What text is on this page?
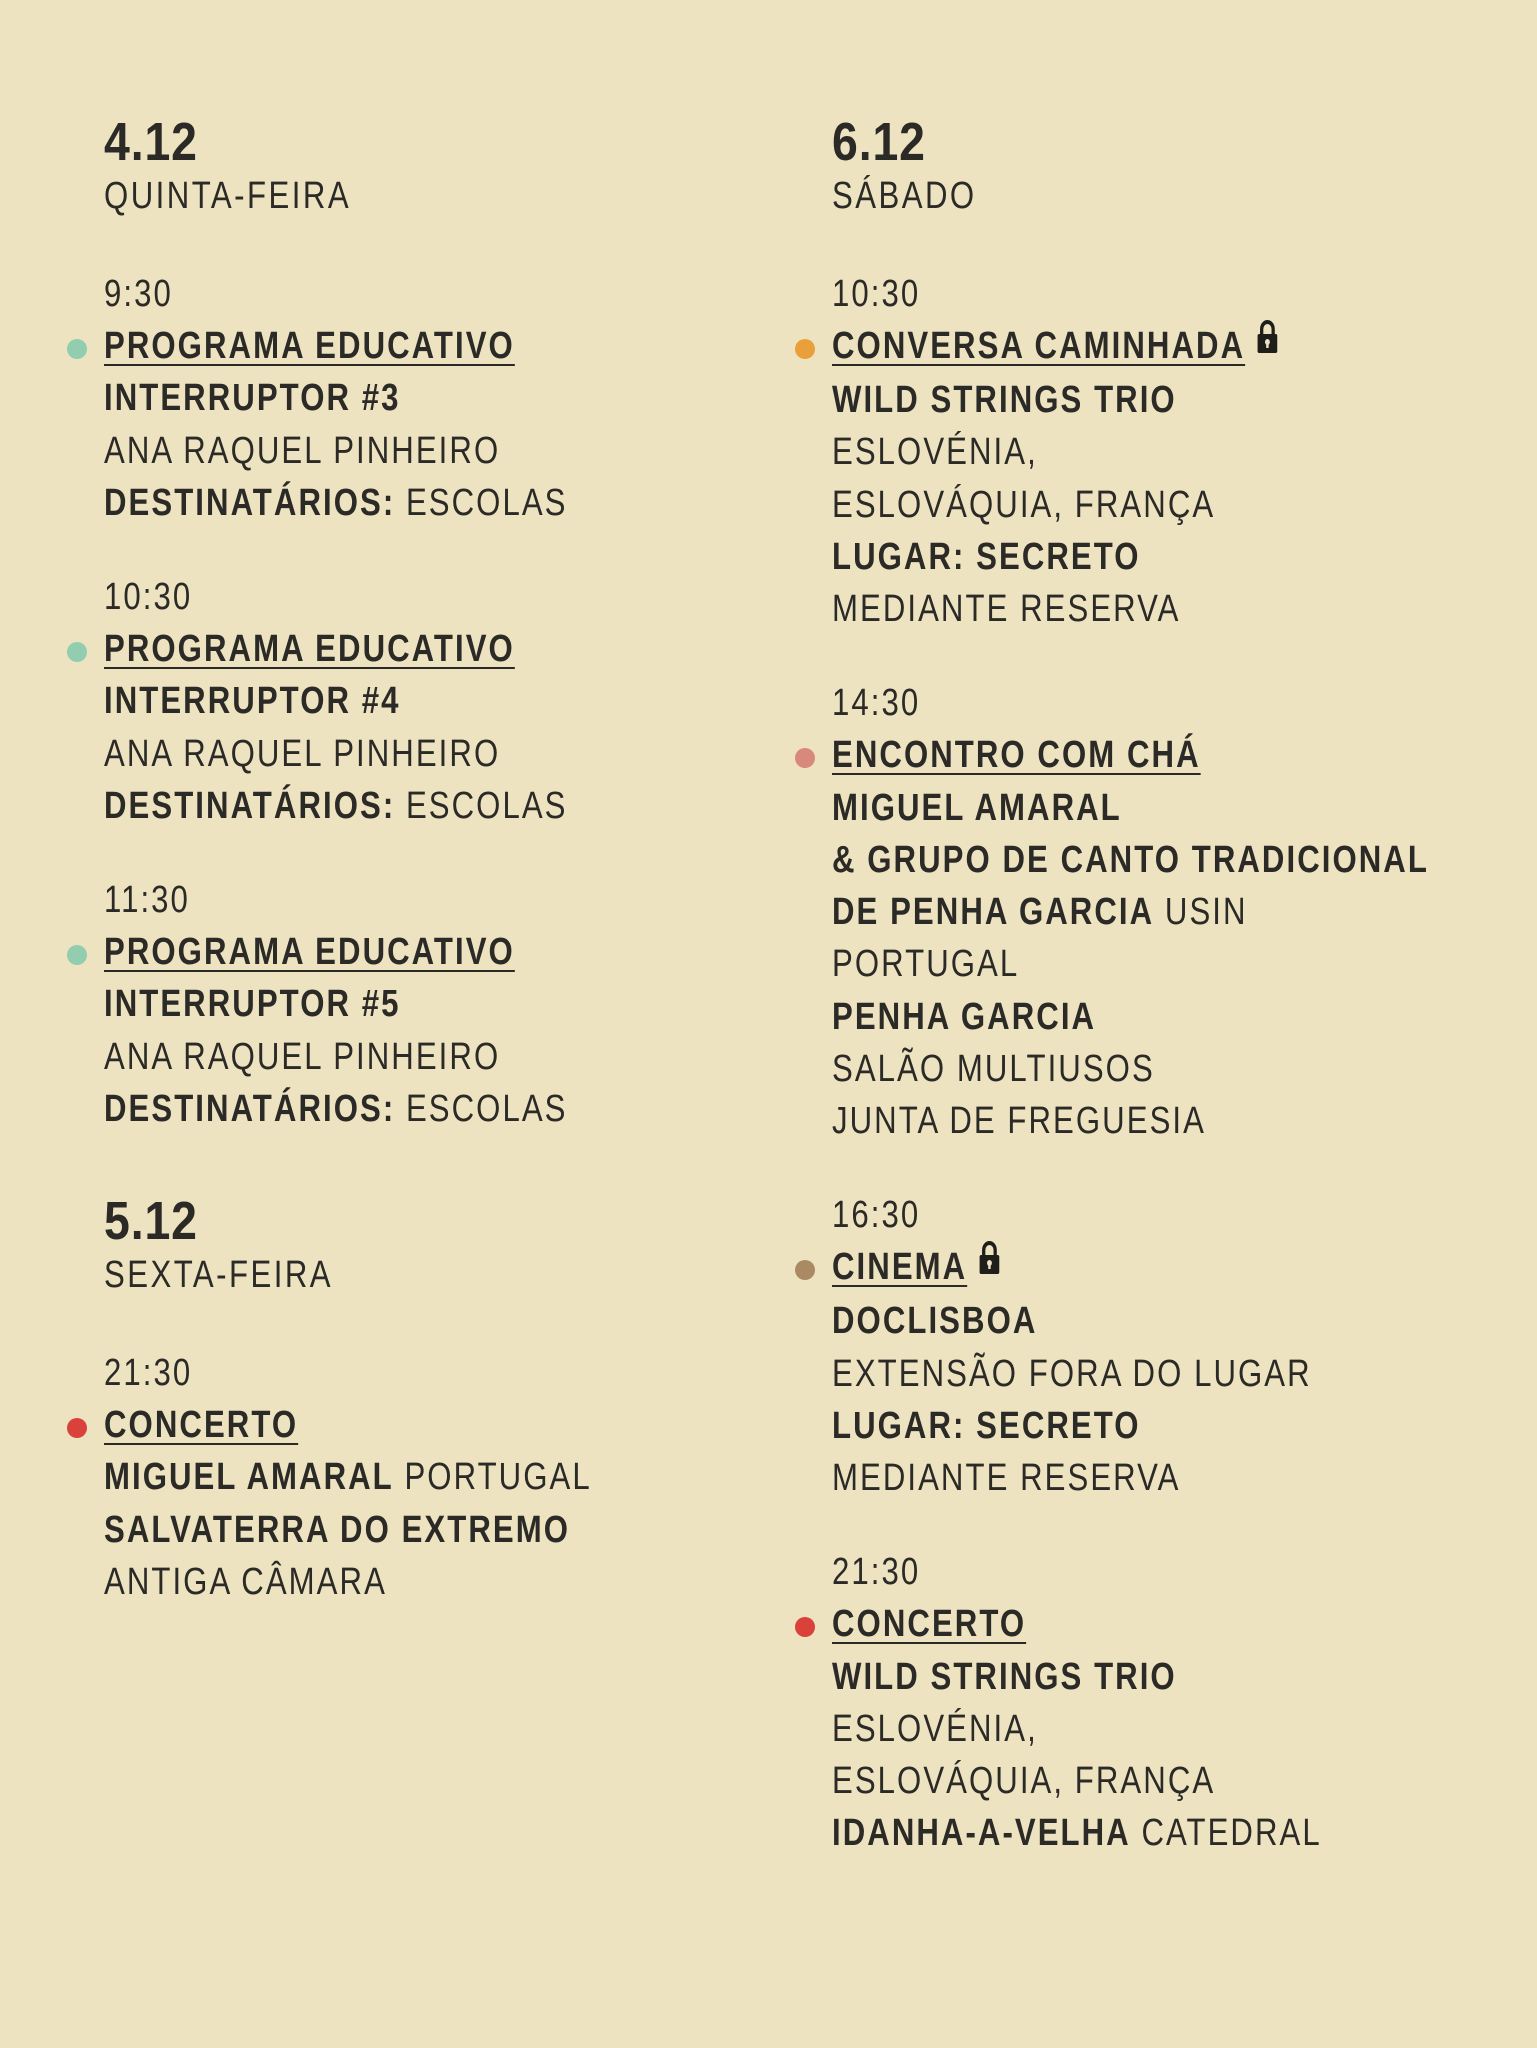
4.12
QUINTA-FEIRA
9:30
PROGRAMA EDUCATIVO
INTERRUPTOR #3
ANA RAQUEL PINHEIRO
DESTINATÁRIOS: ESCOLAS
10:30
PROGRAMA EDUCATIVO
INTERRUPTOR #4
ANA RAQUEL PINHEIRO
DESTINATÁRIOS: ESCOLAS
11:30
PROGRAMA EDUCATIVO
INTERRUPTOR #5
ANA RAQUEL PINHEIRO
DESTINATÁRIOS: ESCOLAS
5.12
SEXTA-FEIRA
21:30
CONCERTO
MIGUEL AMARAL PORTUGAL
SALVATERRA DO EXTREMO
ANTIGA CÂMARA
6.12
SÁBADO
10:30
CONVERSA CAMINHADA
WILD STRINGS TRIO
ESLOVÉNIA,
ESLOVÁQUIA, FRANÇA
LUGAR: SECRETO
MEDIANTE RESERVA
14:30
ENCONTRO COM CHÁ
MIGUEL AMARAL
& GRUPO DE CANTO TRADICIONAL
DE PENHA GARCIA USIN
PORTUGAL
PENHA GARCIA
SALÃO MULTIUSOS
JUNTA DE FREGUESIA
16:30
CINEMA
DOCLISBOA
EXTENSÃO FORA DO LUGAR
LUGAR: SECRETO
MEDIANTE RESERVA
21:30
CONCERTO
WILD STRINGS TRIO
ESLOVÉNIA,
ESLOVÁQUIA, FRANÇA
IDANHA-A-VELHA CATEDRAL
